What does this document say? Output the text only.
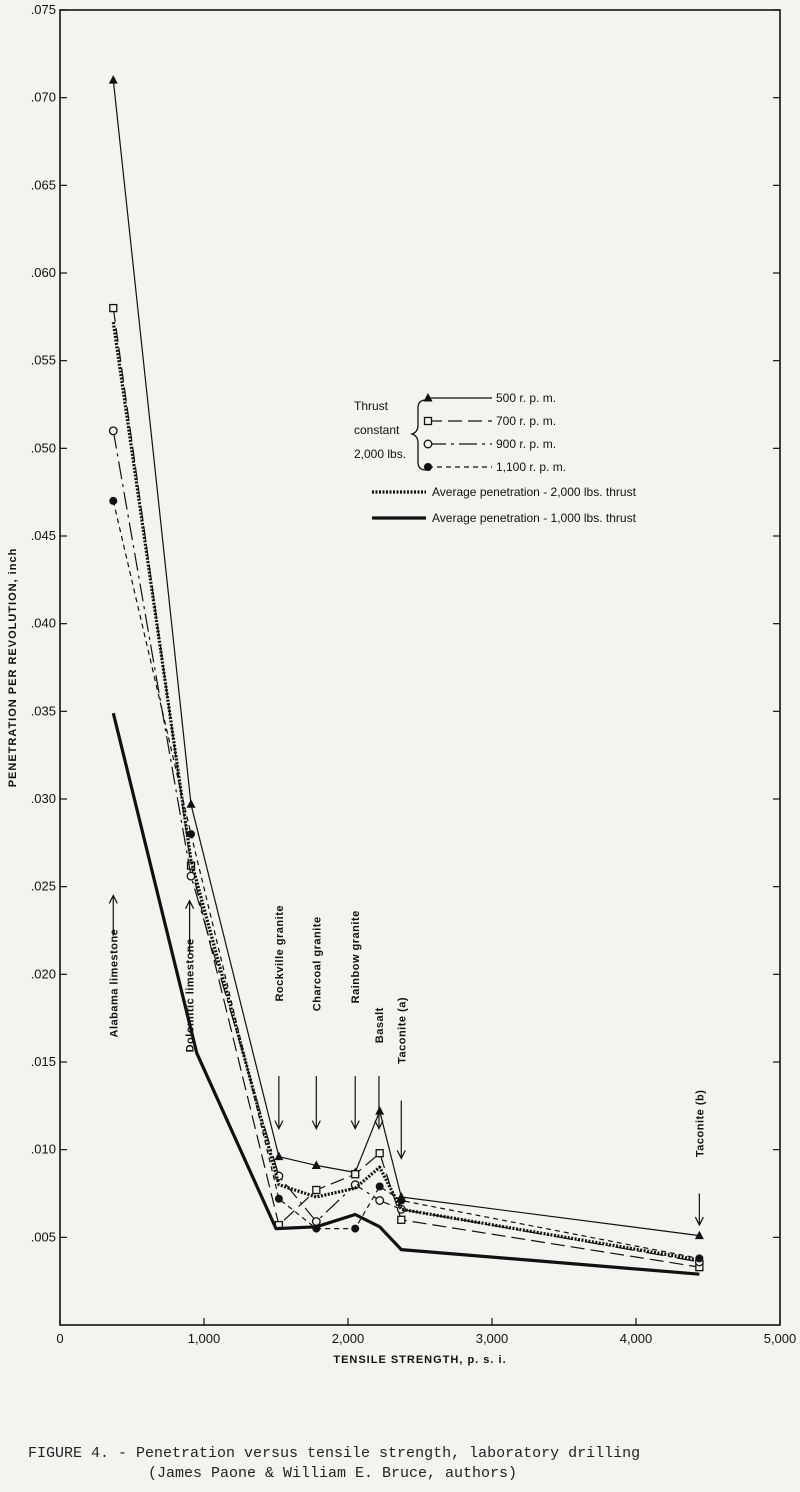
.005
.010
.015
.020
.025
.030
.035
.040
.045
.050
.055
.060
.065
.070
.075
0	1,000	2,000	3,000	4,000	5,000
TENSILE STRENGTH, p. s. i.
PENETRATION PER REVOLUTION, inch
Alabama limestone	Dolomitic limestone	Rockville granite Charcoal granite Rainbow granite
Basalt Taconite (a)
Taconite (b)
Thrust
constant
2,000 lbs.
500 r. p. m.
700 r. p. m.
900 r. p. m.
1,100 r. p. m.
Average penetration - 2,000 lbs. thrust
Average penetration - 1,000 lbs. thrust
FIGURE 4. - Penetration versus tensile strength, laboratory drilling
(James Paone & William E. Bruce, authors)
